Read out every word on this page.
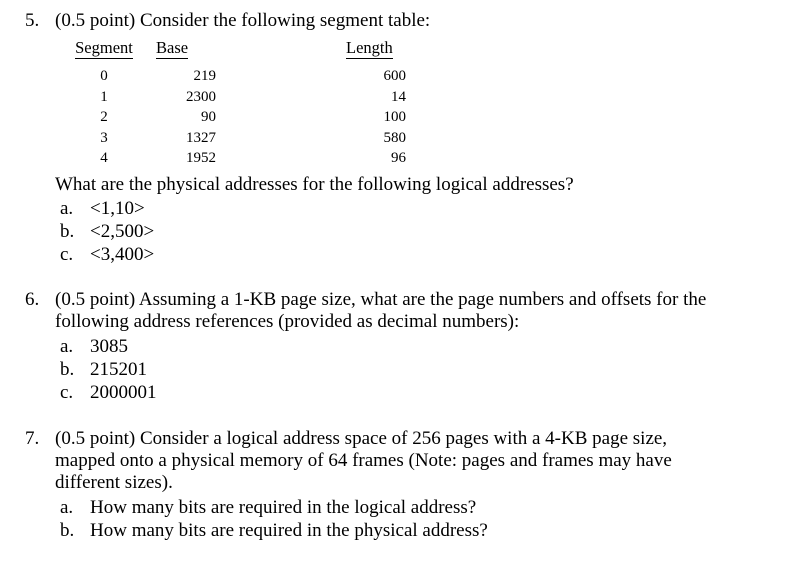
5. (0.5 point) Consider the following segment table:
Segment	Base	Length
0	219	600
1	2300	14
2	90	100
3	1327	580
4	1952	96
What are the physical addresses for the following logical addresses?
a. <1,10>
b. <2,500>
c. <3,400>
6. (0.5 point) Assuming a 1-KB page size, what are the page numbers and offsets for the
following address references (provided as decimal numbers):
a. 3085
b. 215201
c. 2000001
7. (0.5 point) Consider a logical address space of 256 pages with a 4-KB page size,
mapped onto a physical memory of 64 frames (Note: pages and frames may have
different sizes).
a. How many bits are required in the logical address?
b. How many bits are required in the physical address?
